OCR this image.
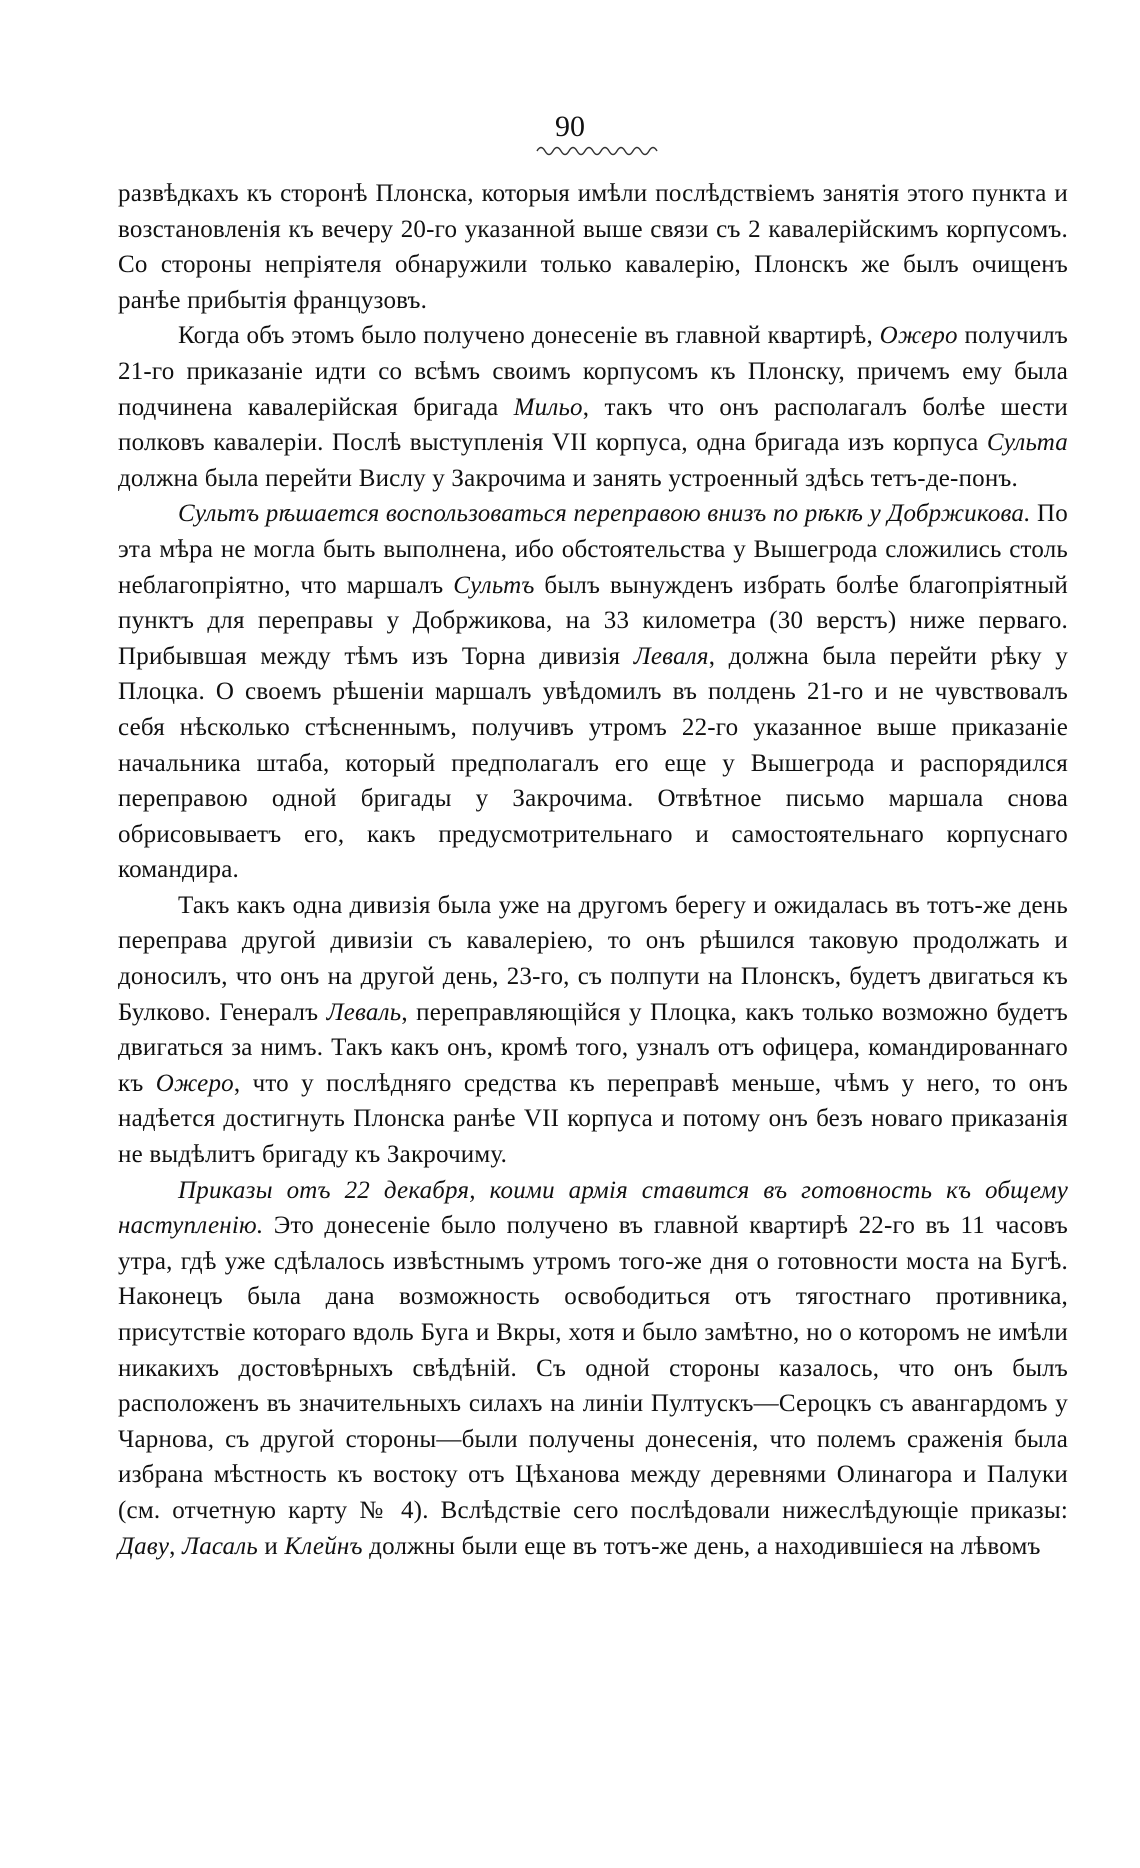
90

развѣдкахъ къ сторонѣ Плонска, которыя имѣли послѣдствіемъ занятія этого пункта и возстановленія къ вечеру 20-го указанной выше связи съ 2 кавалерійскимъ корпусомъ. Со стороны непріятеля обнаружили только кавалерію, Плонскъ же былъ очищенъ ранѣе прибытія французовъ.

Когда объ этомъ было получено донесеніе въ главной квартирѣ, Ожеро получилъ 21-го приказаніе идти со всѣмъ своимъ корпусомъ къ Плонску, причемъ ему была подчинена кавалерійская бригада Мильо, такъ что онъ располагалъ болѣе шести полковъ кавалеріи. Послѣ выступленія VII корпуса, одна бригада изъ корпуса Сульта должна была перейти Вислу у Закрочима и занять устроенный здѣсь тетъ-де-понъ.

Сультъ рѣшается воспользоваться переправою внизъ по рѣкѣ у Добржикова. По эта мѣра не могла быть выполнена, ибо обстоятельства у Вышегрода сложились столь неблагопріятно, что маршалъ Сультъ былъ вынужденъ избрать болѣе благопріятный пунктъ для переправы у Добржикова, на 33 километра (30 верстъ) ниже перваго. Прибывшая между тѣмъ изъ Торна дивизія Леваля, должна была перейти рѣку у Плоцка. О своемъ рѣшеніи маршалъ увѣдомилъ въ полдень 21-го и не чувствовалъ себя нѣсколько стѣсненнымъ, получивъ утромъ 22-го указанное выше приказаніе начальника штаба, который предполагалъ его еще у Вышегрода и распорядился переправою одной бригады у Закрочима. Отвѣтное письмо маршала снова обрисовываетъ его, какъ предусмотрительнаго и самостоятельнаго корпуснаго командира.

Такъ какъ одна дивизія была уже на другомъ берегу и ожидалась въ тотъ-же день переправа другой дивизіи съ кавалеріею, то онъ рѣшился таковую продолжать и доносилъ, что онъ на другой день, 23-го, съ полпути на Плонскъ, будетъ двигаться къ Булково. Генералъ Леваль, переправляющійся у Плоцка, какъ только возможно будетъ двигаться за нимъ. Такъ какъ онъ, кромѣ того, узналъ отъ офицера, командированнаго къ Ожеро, что у послѣдняго средства къ переправѣ меньше, чѣмъ у него, то онъ надѣется достигнуть Плонска ранѣе VII корпуса и потому онъ безъ новаго приказанія не выдѣлитъ бригаду къ Закрочиму.

Приказы отъ 22 декабря, коими армія ставится въ готовность къ общему наступленію. Это донесеніе было получено въ главной квартирѣ 22-го въ 11 часовъ утра, гдѣ уже сдѣлалось извѣстнымъ утромъ того-же дня о готовности моста на Бугѣ. Наконецъ была дана возможность освободиться отъ тягостнаго противника, присутствіе котораго вдоль Буга и Вкры, хотя и было замѣтно, но о которомъ не имѣли никакихъ достовѣрныхъ свѣдѣній. Съ одной стороны казалось, что онъ былъ расположенъ въ значительныхъ силахъ на линіи Пултускъ—Сероцкъ съ авангардомъ у Чарнова, съ другой стороны—были получены донесенія, что полемъ сраженія была избрана мѣстность къ востоку отъ Цѣханова между деревнями Олинагора и Палуки (см. отчетную карту № 4). Вслѣдствіе сего послѣдовали нижеслѣдующіе приказы: Даву, Ласаль и Клейнъ должны были еще въ тотъ-же день, а находившіеся на лѣвомъ
